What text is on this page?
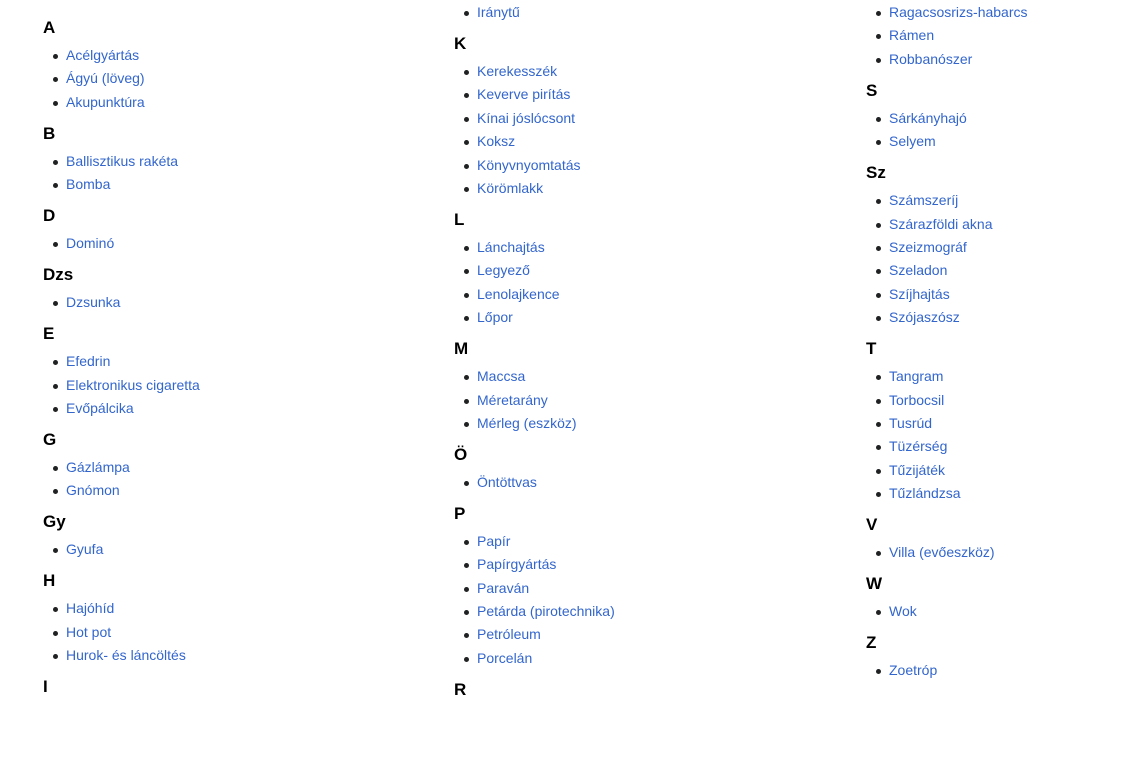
A
Acélgyártás
Ágyú (löveg)
Akupunktúra
B
Ballisztikus rakéta
Bomba
D
Dominó
Dzs
Dzsunka
E
Efedrin
Elektronikus cigaretta
Evőpálcika
G
Gázlámpa
Gnómon
Gy
Gyufa
H
Hajóhíd
Hot pot
Hurok- és láncöltés
I
Iránytű
K
Kerekesszék
Keverve pirítás
Kínai jóslócsont
Koksz
Könyvnyomtatás
Körömlakk
L
Lánchajtás
Legyező
Lenolajkence
Lőpor
M
Maccsa
Méretarány
Mérleg (eszköz)
Ö
Öntöttvas
P
Papír
Papírgyártás
Paraván
Petárda (pirotechnika)
Petróleum
Porcelán
R
Ragacsosrizs-habarcs
Rámen
Robbanószer
S
Sárkányhajó
Selyem
Sz
Számszeríj
Szárazföldi akna
Szeizmográf
Szeladon
Szíjhajtás
Szójaszósz
T
Tangram
Torbocsil
Tusrúd
Tüzérség
Tűzijáték
Tűzlándzsa
V
Villa (evőeszköz)
W
Wok
Z
Zoetróp
